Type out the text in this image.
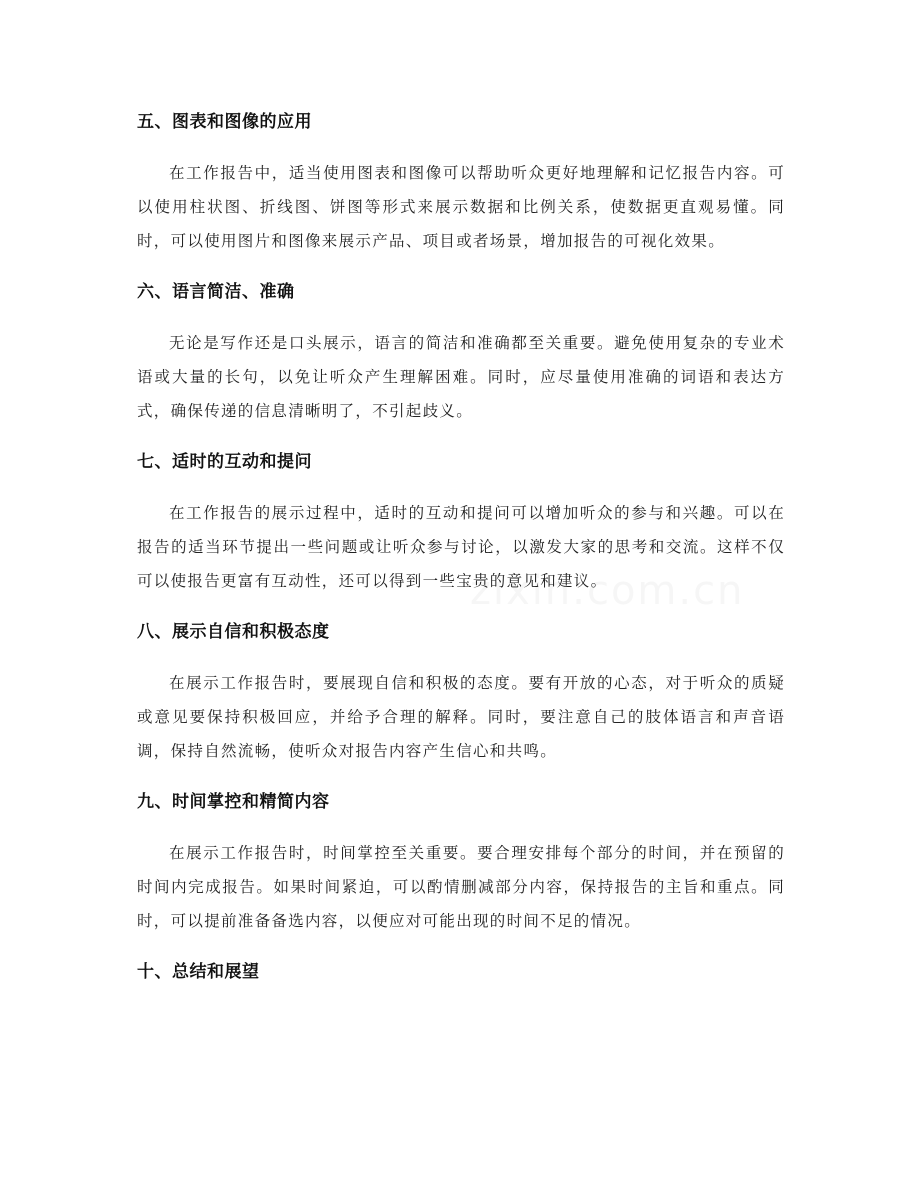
zixin.com.cn
五、图表和图像的应用

在工作报告中，适当使用图表和图像可以帮助听众更好地理解和记忆报告内容。可以使用柱状图、折线图、饼图等形式来展示数据和比例关系，使数据更直观易懂。同时，可以使用图片和图像来展示产品、项目或者场景，增加报告的可视化效果。

六、语言简洁、准确

无论是写作还是口头展示，语言的简洁和准确都至关重要。避免使用复杂的专业术语或大量的长句，以免让听众产生理解困难。同时，应尽量使用准确的词语和表达方式，确保传递的信息清晰明了，不引起歧义。

七、适时的互动和提问

在工作报告的展示过程中，适时的互动和提问可以增加听众的参与和兴趣。可以在报告的适当环节提出一些问题或让听众参与讨论，以激发大家的思考和交流。这样不仅可以使报告更富有互动性，还可以得到一些宝贵的意见和建议。

八、展示自信和积极态度

在展示工作报告时，要展现自信和积极的态度。要有开放的心态，对于听众的质疑或意见要保持积极回应，并给予合理的解释。同时，要注意自己的肢体语言和声音语调，保持自然流畅，使听众对报告内容产生信心和共鸣。

九、时间掌控和精简内容

在展示工作报告时，时间掌控至关重要。要合理安排每个部分的时间，并在预留的时间内完成报告。如果时间紧迫，可以酌情删减部分内容，保持报告的主旨和重点。同时，可以提前准备备选内容，以便应对可能出现的时间不足的情况。

十、总结和展望
